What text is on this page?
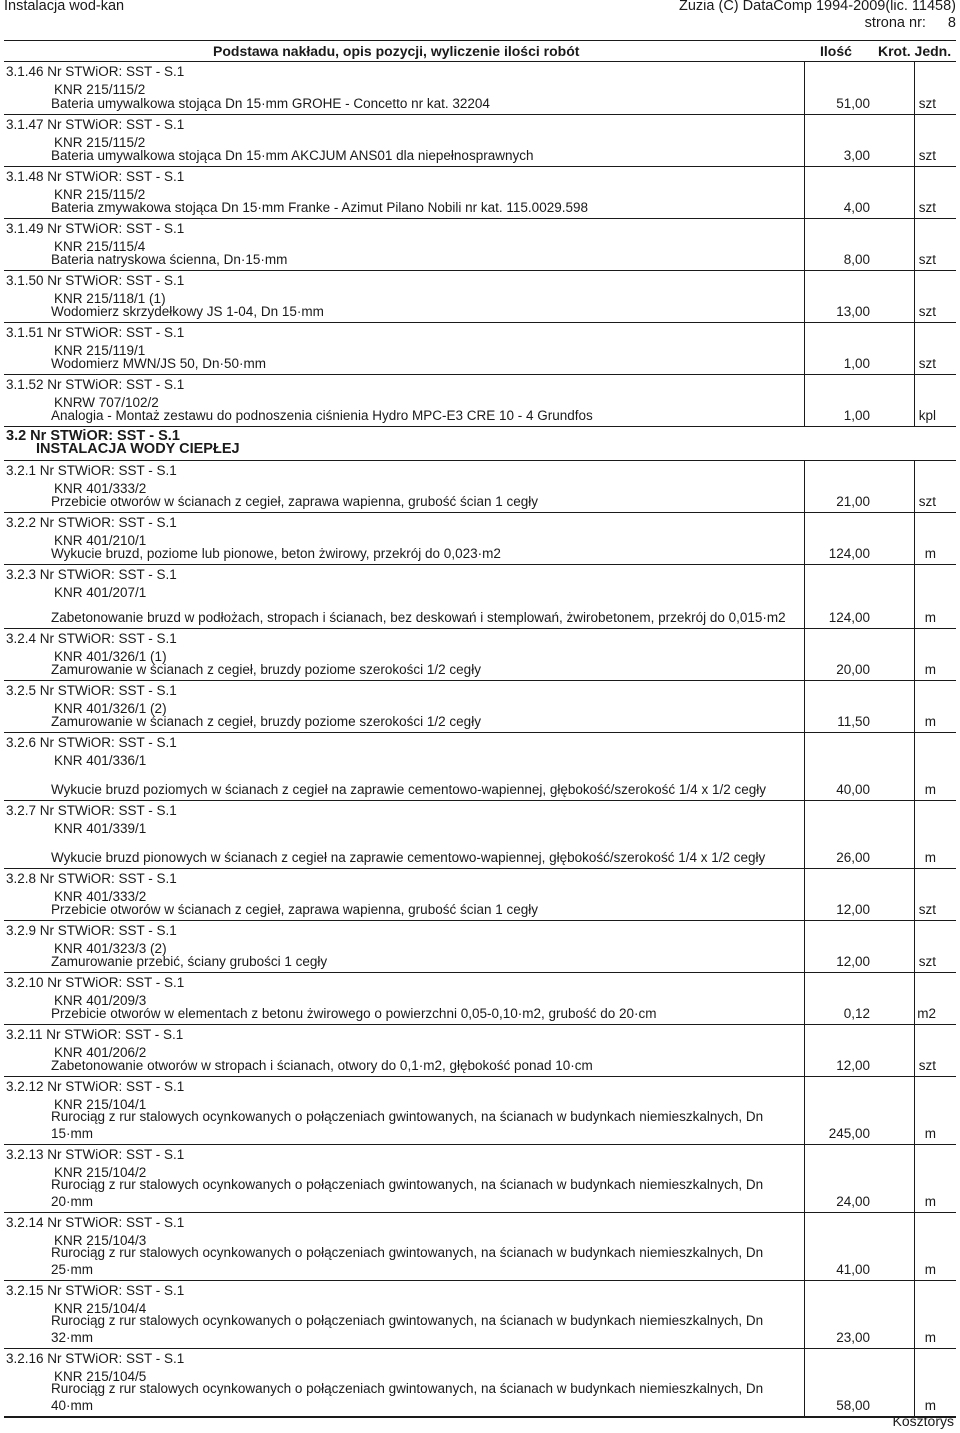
Instalacja wod-kan	Zuzia (C) DataComp 1994-2009(lic. 11458)
strona nr: 8
Podstawa nakładu, opis pozycji, wyliczenie ilości robót	Ilość Krot. Jedn.
3.1.46 Nr STWiOR: SST - S.1
KNR 215/115/2
Bateria umywalkowa stojąca Dn 15·mm GROHE - Concetto nr kat. 32204	51,00	szt
3.1.47 Nr STWiOR: SST - S.1
KNR 215/115/2
Bateria umywalkowa stojąca Dn 15·mm AKCJUM ANS01 dla niepełnosprawnych	3,00	szt
3.1.48 Nr STWiOR: SST - S.1
KNR 215/115/2
Bateria zmywakowa stojąca Dn 15·mm Franke - Azimut Pilano Nobili nr kat. 115.0029.598	4,00	szt
3.1.49 Nr STWiOR: SST - S.1
KNR 215/115/4
Bateria natryskowa ścienna, Dn·15·mm	8,00	szt
3.1.50 Nr STWiOR: SST - S.1
KNR 215/118/1 (1)
Wodomierz skrzydełkowy JS 1-04, Dn 15·mm	13,00	szt
3.1.51 Nr STWiOR: SST - S.1
KNR 215/119/1
Wodomierz MWN/JS 50, Dn·50·mm	1,00	szt
3.1.52 Nr STWiOR: SST - S.1
KNRW 707/102/2
Analogia - Montaż zestawu do podnoszenia ciśnienia Hydro MPC-E3 CRE 10 - 4 Grundfos	1,00	kpl
3.2 Nr STWiOR: SST - S.1
INSTALACJA WODY CIEPŁEJ
3.2.1 Nr STWiOR: SST - S.1
KNR 401/333/2
Przebicie otworów w ścianach z cegieł, zaprawa wapienna, grubość ścian 1 cegły	21,00	szt
3.2.2 Nr STWiOR: SST - S.1
KNR 401/210/1
Wykucie bruzd, poziome lub pionowe, beton żwirowy, przekrój do 0,023·m2	124,00	m
3.2.3 Nr STWiOR: SST - S.1
KNR 401/207/1
Zabetonowanie bruzd w podłożach, stropach i ścianach, bez deskowań i stemplowań, żwirobetonem, przekrój do 0,015·m2	124,00	m
3.2.4 Nr STWiOR: SST - S.1
KNR 401/326/1 (1)
Zamurowanie w ścianach z cegieł, bruzdy poziome szerokości 1/2 cegły	20,00	m
3.2.5 Nr STWiOR: SST - S.1
KNR 401/326/1 (2)
Zamurowanie w ścianach z cegieł, bruzdy poziome szerokości 1/2 cegły	11,50	m
3.2.6 Nr STWiOR: SST - S.1
KNR 401/336/1
Wykucie bruzd poziomych w ścianach z cegieł na zaprawie cementowo-wapiennej, głębokość/szerokość 1/4 x 1/2 cegły	40,00	m
3.2.7 Nr STWiOR: SST - S.1
KNR 401/339/1
Wykucie bruzd pionowych w ścianach z cegieł na zaprawie cementowo-wapiennej, głębokość/szerokość 1/4 x 1/2 cegły	26,00	m
3.2.8 Nr STWiOR: SST - S.1
KNR 401/333/2
Przebicie otworów w ścianach z cegieł, zaprawa wapienna, grubość ścian 1 cegły	12,00	szt
3.2.9 Nr STWiOR: SST - S.1
KNR 401/323/3 (2)
Zamurowanie przebić, ściany grubości 1 cegły	12,00	szt
3.2.10 Nr STWiOR: SST - S.1
KNR 401/209/3
Przebicie otworów w elementach z betonu żwirowego o powierzchni 0,05-0,10·m2, grubość do 20·cm	0,12	m2
3.2.11 Nr STWiOR: SST - S.1
KNR 401/206/2
Zabetonowanie otworów w stropach i ścianach, otwory do 0,1·m2, głębokość ponad 10·cm	12,00	szt
3.2.12 Nr STWiOR: SST - S.1
KNR 215/104/1
Rurociąg z rur stalowych ocynkowanych o połączeniach gwintowanych, na ścianach w budynkach niemieszkalnych, Dn 15·mm	245,00	m
3.2.13 Nr STWiOR: SST - S.1
KNR 215/104/2
Rurociąg z rur stalowych ocynkowanych o połączeniach gwintowanych, na ścianach w budynkach niemieszkalnych, Dn 20·mm	24,00	m
3.2.14 Nr STWiOR: SST - S.1
KNR 215/104/3
Rurociąg z rur stalowych ocynkowanych o połączeniach gwintowanych, na ścianach w budynkach niemieszkalnych, Dn 25·mm	41,00	m
3.2.15 Nr STWiOR: SST - S.1
KNR 215/104/4
Rurociąg z rur stalowych ocynkowanych o połączeniach gwintowanych, na ścianach w budynkach niemieszkalnych, Dn 32·mm	23,00	m
3.2.16 Nr STWiOR: SST - S.1
KNR 215/104/5
Rurociąg z rur stalowych ocynkowanych o połączeniach gwintowanych, na ścianach w budynkach niemieszkalnych, Dn 40·mm	58,00	m
Kosztorys
